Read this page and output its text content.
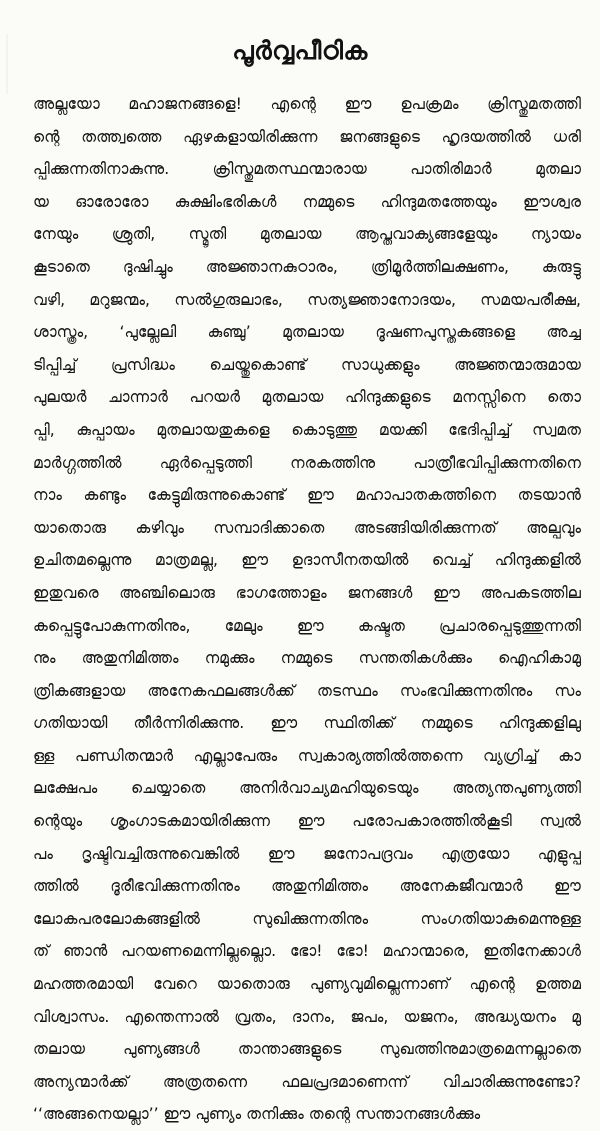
പൂർവ്വപീഠിക
അല്ലയോ മഹാജനങ്ങളെ! എന്റെ ഈ ഉപക്രമം ക്രിസ്തുമതത്തി
ന്റെ തത്ത്വത്തെ ഏഴകളായിരിക്കുന്ന ജനങ്ങളുടെ ഹൃദയത്തിൽ ധരി
പ്പിക്കുന്നതിനാകുന്നു. ക്രിസ്തുമതസ്ഥന്മാരായ പാതിരിമാർ മുതലാ
യ ഓരോരോ കുക്ഷിംഭരികൾ നമ്മുടെ ഹിന്ദുമതത്തേയും ഈശ്വര
നേയും ശ്രുതി, സ്മൃതി മുതലായ ആപ്തവാക്യങ്ങളേയും ന്യായം
കൂടാതെ ദുഷിച്ചും അജ്ഞാനകുഠാരം, ത്രിമൂർത്തിലക്ഷണം, കുരുട്ടു
വഴി, മറുജന്മം, സൽഗുരുലാഭം, സത്യജ്ഞാനോദയം, സമയപരീക്ഷ,
ശാസ്ത്രം, ‘പുല്ലേലി കുഞ്ചു’ മുതലായ ദൂഷണപുസ്തകങ്ങളെ അച്ച
ടിപ്പിച്ച് പ്രസിദ്ധം ചെയ്തുകൊണ്ട് സാധുക്കളും അജ്ഞന്മാരുമായ
പുലയർ ചാന്നാർ പറയർ മുതലായ ഹിന്ദുക്കളുടെ മനസ്സിനെ തൊ
പ്പി, കുപ്പായം മുതലായതുകളെ കൊടുത്തു മയക്കി ഭേദിപ്പിച്ച് സ്വമത
മാർഗ്ഗത്തിൽ ഏർപ്പെടുത്തി നരകത്തിനു പാത്രീഭവിപ്പിക്കുന്നതിനെ
നാം കണ്ടും കേട്ടുമിരുന്നുകൊണ്ട് ഈ മഹാപാതകത്തിനെ തടയാൻ
യാതൊരു കഴിവും സമ്പാദിക്കാതെ അടങ്ങിയിരിക്കുന്നത് അല്പവും
ഉചിതമല്ലെന്നു മാത്രമല്ല, ഈ ഉദാസീനതയിൽ വെച്ച് ഹിന്ദുക്കളിൽ
ഇതുവരെ അഞ്ചിലൊരു ഭാഗത്തോളം ജനങ്ങൾ ഈ അപകടത്തില
കപ്പെട്ടുപോകുന്നതിനും, മേലും ഈ കഷ്ടത പ്രചാരപ്പെടുത്തുന്നതി
നും അതുനിമിത്തം നമുക്കും നമ്മുടെ സന്തതികൾക്കും ഐഹികാമു
ത്രികങ്ങളായ അനേകഫലങ്ങൾക്ക് തടസ്ഥം സംഭവിക്കുന്നതിനും സം
ഗതിയായി തീർന്നിരിക്കുന്നു. ഈ സ്ഥിതിക്ക് നമ്മുടെ ഹിന്ദുക്കളിലു
ള്ള പണ്ഡിതന്മാർ എല്ലാപേരും സ്വകാര്യത്തിൽത്തന്നെ വ്യഗ്രിച്ച് കാ
ലക്ഷേപം ചെയ്യാതെ അനിർവാച്യമഹിയുടെയും അത്യന്തപുണ്യത്തി
ന്റെയും ശൃംഗാടകമായിരിക്കുന്ന ഈ പരോപകാരത്തിൽകൂടി സ്വൽ
പം ദൃഷ്ടിവച്ചിരുന്നുവെങ്കിൽ ഈ ജനോപദ്രവം എത്രയോ എളുപ്പ
ത്തിൽ ദൂരീഭവിക്കുന്നതിനും അതുനിമിത്തം അനേകജീവന്മാർ ഈ
ലോകപരലോകങ്ങളിൽ സുഖിക്കുന്നതിനും സംഗതിയാകുമെന്നുള്ള
ത് ഞാൻ പറയണമെന്നില്ലല്ലൊ. ഭോ! ഭോ! മഹാന്മാരെ, ഇതിനേക്കാൾ
മഹത്തരമായി വേറെ യാതൊരു പുണ്യവുമില്ലെന്നാണ് എന്റെ ഉത്തമ
വിശ്വാസം. എന്തെന്നാൽ വ്രതം, ദാനം, ജപം, യജനം, അദ്ധ്യയനം മു
തലായ പുണ്യങ്ങൾ താന്താങ്ങളുടെ സുഖത്തിനുമാത്രമെന്നല്ലാതെ
അന്യന്മാർക്ക് അത്രതന്നെ ഫലപ്രദമാണെന്ന് വിചാരിക്കുന്നുണ്ടോ?
‘‘അങ്ങനെയല്ലാ’’ ഈ പുണ്യം തനിക്കും തന്റെ സന്താനങ്ങൾക്കും
